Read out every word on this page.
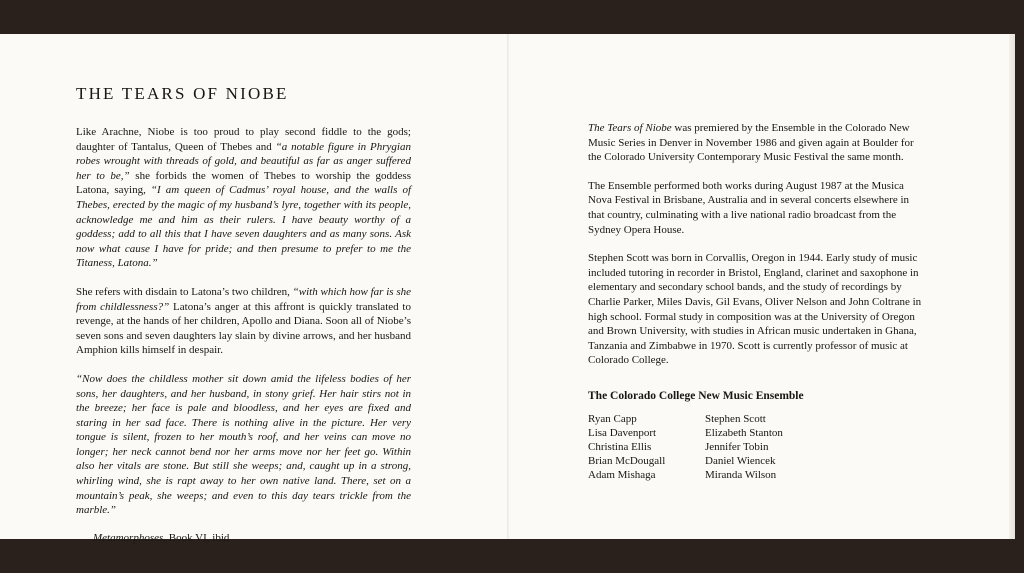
THE TEARS OF NIOBE

Like Arachne, Niobe is too proud to play second fiddle to the gods; daughter of Tantalus, Queen of Thebes and “a notable figure in Phrygian robes wrought with threads of gold, and beautiful as far as anger suffered her to be,” she forbids the women of Thebes to worship the goddess Latona, saying, “I am queen of Cadmus’ royal house, and the walls of Thebes, erected by the magic of my husband’s lyre, together with its people, acknowledge me and him as their rulers. I have beauty worthy of a goddess; add to all this that I have seven daughters and as many sons. Ask now what cause I have for pride; and then presume to prefer to me the Titaness, Latona.”

She refers with disdain to Latona’s two children, “with which how far is she from childlessness?” Latona’s anger at this affront is quickly translated to revenge, at the hands of her children, Apollo and Diana. Soon all of Niobe’s seven sons and seven daughters lay slain by divine arrows, and her husband Amphion kills himself in despair.

“Now does the childless mother sit down amid the lifeless bodies of her sons, her daughters, and her husband, in stony grief. Her hair stirs not in the breeze; her face is pale and bloodless, and her eyes are fixed and staring in her sad face. There is nothing alive in the picture. Her very tongue is silent, frozen to her mouth’s roof, and her veins can move no longer; her neck cannot bend nor her arms move nor her feet go. Within also her vitals are stone. But still she weeps; and, caught up in a strong, whirling wind, she is rapt away to her own native land. There, set on a mountain’s peak, she weeps; and even to this day tears trickle from the marble.”

Metamorphoses, Book VI, ibid

The Tears of Niobe was premiered by the Ensemble in the Colorado New Music Series in Denver in November 1986 and given again at Boulder for the Colorado University Contemporary Music Festival the same month.

The Ensemble performed both works during August 1987 at the Musica Nova Festival in Brisbane, Australia and in several concerts elsewhere in that country, culminating with a live national radio broadcast from the Sydney Opera House.

Stephen Scott was born in Corvallis, Oregon in 1944. Early study of music included tutoring in recorder in Bristol, England, clarinet and saxophone in elementary and secondary school bands, and the study of recordings by Charlie Parker, Miles Davis, Gil Evans, Oliver Nelson and John Coltrane in high school. Formal study in composition was at the University of Oregon and Brown University, with studies in African music undertaken in Ghana, Tanzania and Zimbabwe in 1970. Scott is currently professor of music at Colorado College.

The Colorado College New Music Ensemble
Ryan Capp
Lisa Davenport
Christina Ellis
Brian McDougall
Adam Mishaga
Stephen Scott
Elizabeth Stanton
Jennifer Tobin
Daniel Wiencek
Miranda Wilson
